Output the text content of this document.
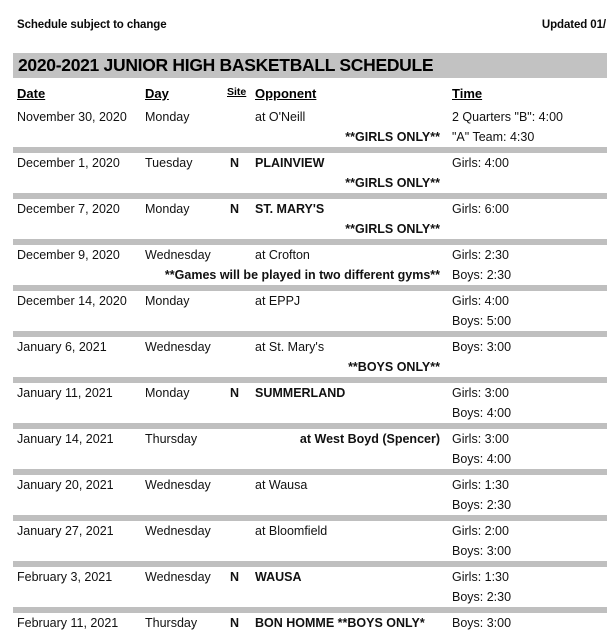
Schedule subject to change	Updated 01/
2020-2021 JUNIOR HIGH BASKETBALL SCHEDULE
Date	Day	Site Opponent	Time
November 30, 2020 Monday	at O'Neill	2 Quarters "B": 4:00
**GIRLS ONLY** "A" Team: 4:30
December 1, 2020 Tuesday	N PLAINVIEW	Girls: 4:00
**GIRLS ONLY**
December 7, 2020 Monday	N ST. MARY'S	Girls: 6:00
**GIRLS ONLY**
December 9, 2020 Wednesday	at Crofton	Girls: 2:30
**Games will be played in two different gyms** Boys: 2:30
December 14, 2020 Monday	at EPPJ	Girls: 4:00
Boys: 5:00
January 6, 2021	Wednesday	at St. Mary's	Boys: 3:00
**BOYS ONLY**
January 11, 2021	Monday	N SUMMERLAND	Girls: 3:00
Boys: 4:00
January 14, 2021	Thursday	at West Boyd (Spencer) Girls: 3:00
Boys: 4:00
January 20, 2021	Wednesday	at Wausa	Girls: 1:30
Boys: 2:30
January 27, 2021	Wednesday	at Bloomfield	Girls: 2:00
Boys: 3:00
February 3, 2021	Wednesday N WAUSA	Girls: 1:30
Boys: 2:30
February 11, 2021 Thursday	N BON HOMME **BOYS ONLY*	Boys: 3:00
